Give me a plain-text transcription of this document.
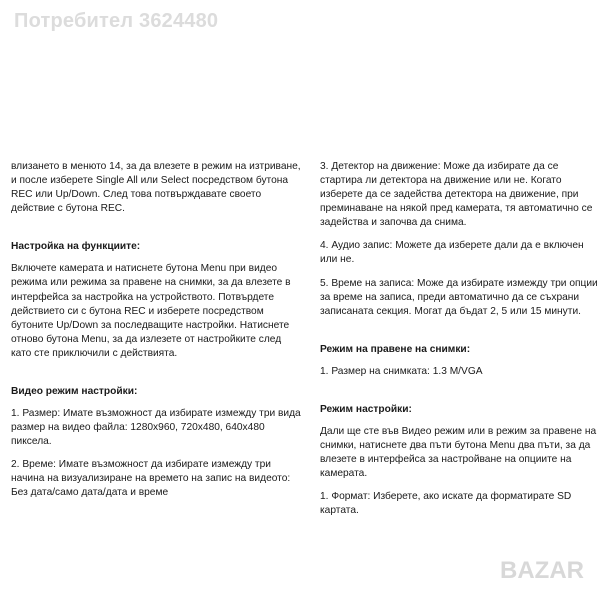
Потребител 3624480

влизането в менюто 14, за да влезете в режим на изтриване, и после изберете Single All или Select посредством бутона REC или Up/Down. След това потвърждавате своето действие с бутона REC.

Настройка на функциите:

Включете камерата и натиснете бутона Menu при видео режима или режима за правене на снимки, за да влезете в интерфейса за настройка на устройството. Потвърдете действието си с бутона REC и изберете посредством бутоните Up/Down за последващите настройки. Натиснете отново бутона Menu, за да излезете от настройките след като сте приключили с действията.

Видео режим настройки:

1. Размер: Имате възможност да избирате измежду три вида размер на видео файла: 1280x960, 720x480, 640x480 пиксела.

2. Време: Имате възможност да избирате измежду три начина на визуализиране на времето на запис на видеото: Без дата/само дата/дата и време

3. Детектор на движение: Може да избирате да се стартира ли детектора на движение или не. Когато изберете да се задейства детектора на движение, при преминаване на някой пред камерата, тя автоматично се задейства и започва да снима.

4. Аудио запис: Можете да изберете дали да е включен или не.

5. Време на записа: Може да избирате измежду три опции за време на записа, преди автоматично да се съхрани записаната секция. Могат да бъдат 2, 5 или 15 минути.

Режим на правене на снимки:

1. Размер на снимката: 1.3 M/VGA

Режим настройки:

Дали ще сте във Видео режим или в режим за правене на снимки, натиснете два пъти бутона Menu два пъти, за да влезете в интерфейса за настройване на опциите на камерата.

1. Формат: Изберете, ако искате да форматирате SD картата.

BAZAR
